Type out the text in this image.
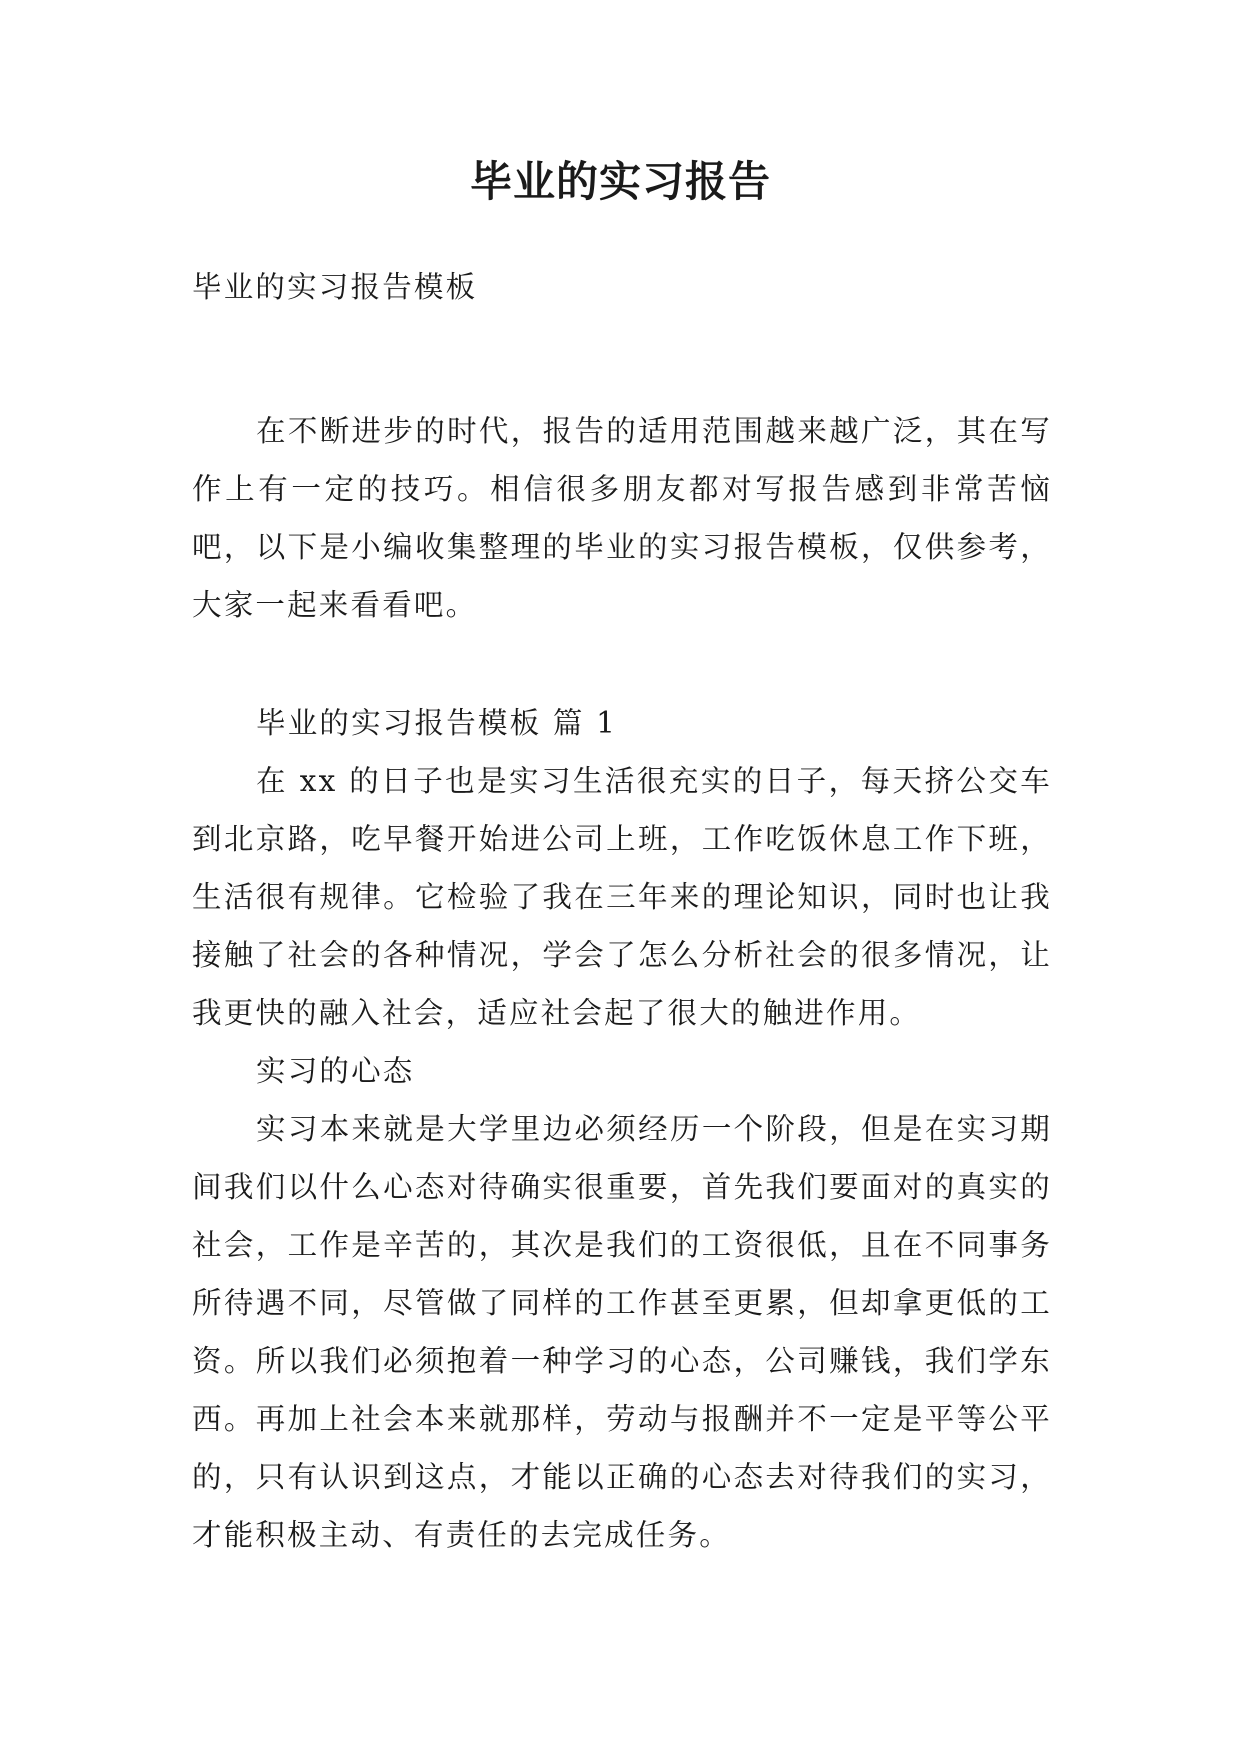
毕业的实习报告

毕业的实习报告模板

在不断进步的时代，报告的适用范围越来越广泛，其在写作上有一定的技巧。相信很多朋友都对写报告感到非常苦恼吧，以下是小编收集整理的毕业的实习报告模板，仅供参考，大家一起来看看吧。

毕业的实习报告模板 篇 1

在 xx 的日子也是实习生活很充实的日子，每天挤公交车到北京路，吃早餐开始进公司上班，工作吃饭休息工作下班，生活很有规律。它检验了我在三年来的理论知识，同时也让我接触了社会的各种情况，学会了怎么分析社会的很多情况，让我更快的融入社会，适应社会起了很大的触进作用。

实习的心态

实习本来就是大学里边必须经历一个阶段，但是在实习期间我们以什么心态对待确实很重要，首先我们要面对的真实的社会，工作是辛苦的，其次是我们的工资很低，且在不同事务所待遇不同，尽管做了同样的工作甚至更累，但却拿更低的工资。所以我们必须抱着一种学习的心态，公司赚钱，我们学东西。再加上社会本来就那样，劳动与报酬并不一定是平等公平的，只有认识到这点，才能以正确的心态去对待我们的实习，才能积极主动、有责任的去完成任务。
